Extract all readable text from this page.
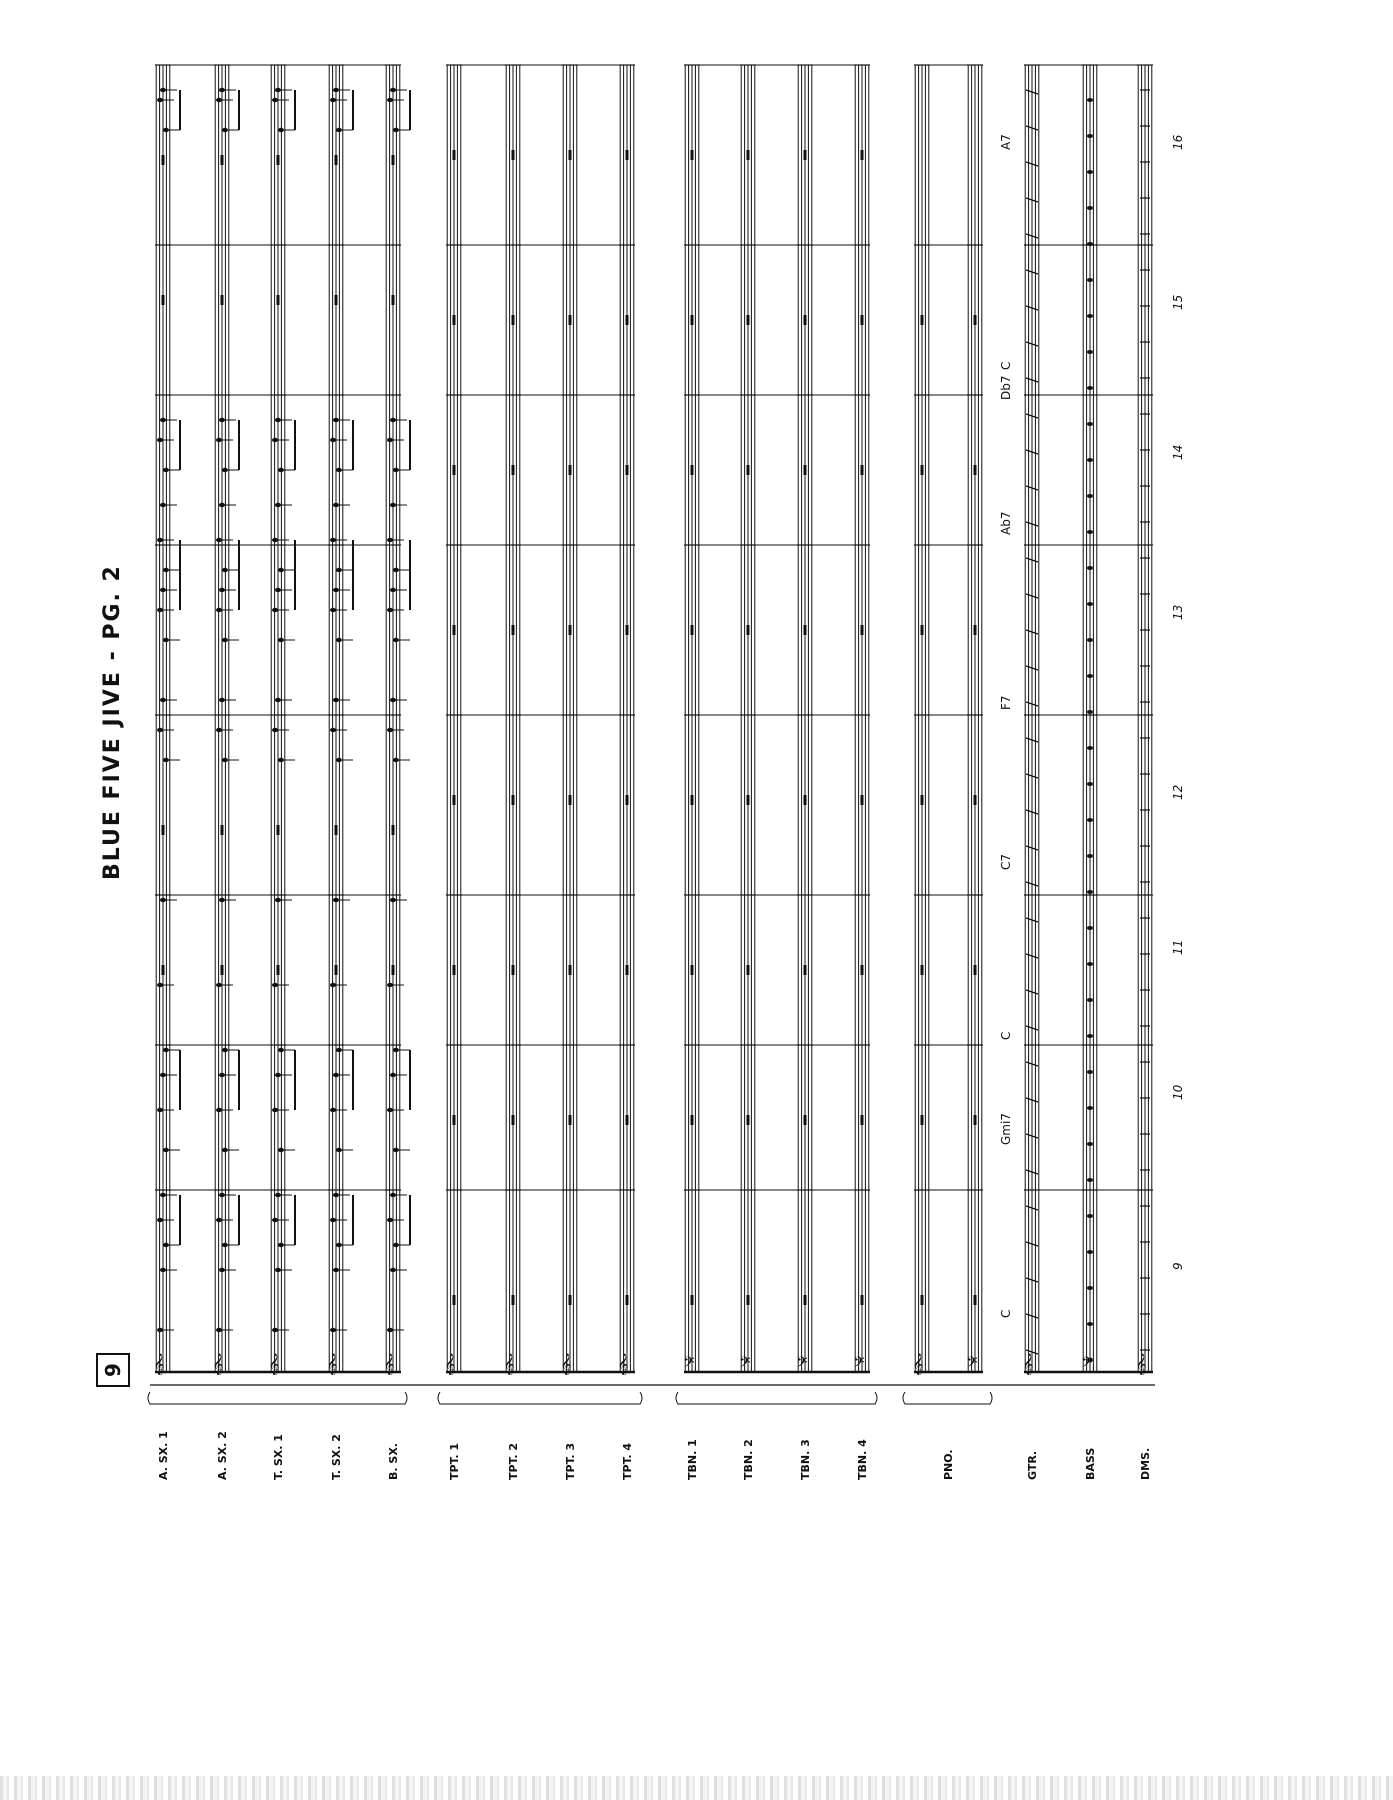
𝄞	𝄞	𝄞	𝄞	𝄞	𝄞	𝄞	𝄞	𝄞	𝄢 𝄢	𝄢	𝄢	𝄞 𝄢	𝄞	𝄢 𝄞
A. SX. 1	A. SX. 2	T. SX. 1	T. SX. 2	B. SX.	TPT. 1	TPT. 2	TPT. 3	TPT. 4	TBN. 1	TBN. 2	TBN. 3	TBN. 4	PNO.	GTR.	BASS	DMS.
C
Gmi7
C
C7
F7
Ab7
Db7
C
A7
9
10
11
12
13
14
15
16
BLUE FIVE JIVE - PG. 2
9
